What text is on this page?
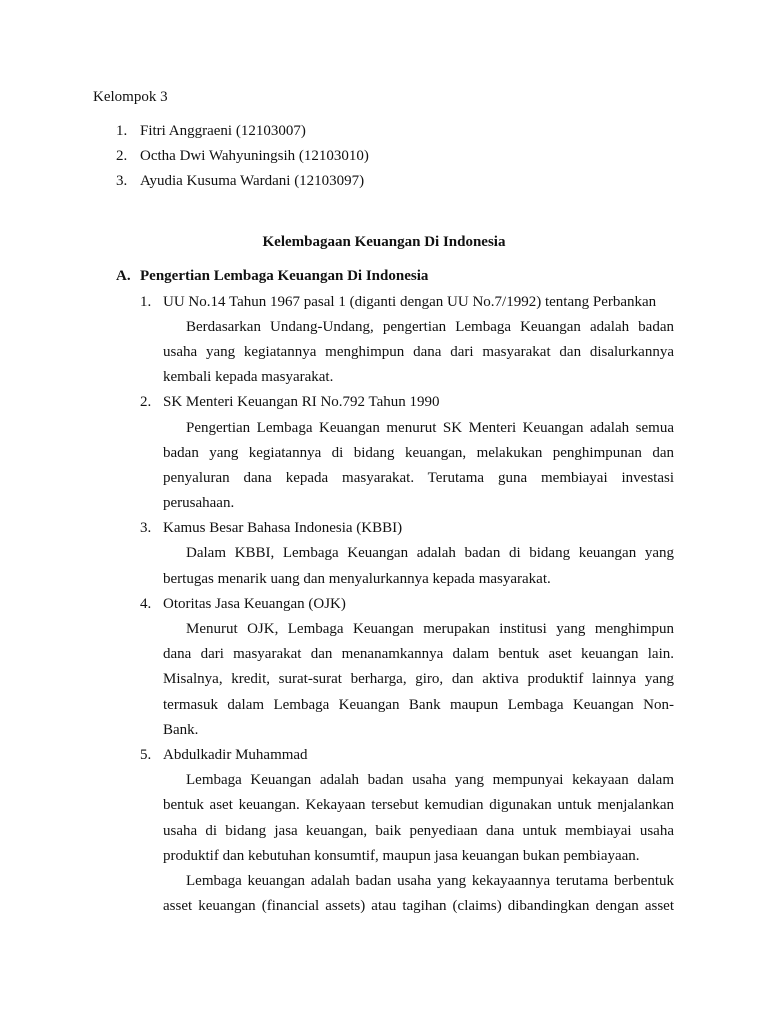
Kelompok 3
1. Fitri Anggraeni (12103007)
2. Octha Dwi Wahyuningsih (12103010)
3. Ayudia Kusuma Wardani (12103097)
Kelembagaan Keuangan Di Indonesia
A. Pengertian Lembaga Keuangan Di Indonesia
1. UU No.14 Tahun 1967 pasal 1 (diganti dengan UU No.7/1992) tentang Perbankan
Berdasarkan Undang-Undang, pengertian Lembaga Keuangan adalah badan
usaha yang kegiatannya menghimpun dana dari masyarakat dan disalurkannya
kembali kepada masyarakat.
2. SK Menteri Keuangan RI No.792 Tahun 1990
Pengertian Lembaga Keuangan menurut SK Menteri Keuangan adalah semua
badan yang kegiatannya di bidang keuangan, melakukan penghimpunan dan
penyaluran dana kepada masyarakat. Terutama guna membiayai investasi
perusahaan.
3. Kamus Besar Bahasa Indonesia (KBBI)
Dalam KBBI, Lembaga Keuangan adalah badan di bidang keuangan yang
bertugas menarik uang dan menyalurkannya kepada masyarakat.
4. Otoritas Jasa Keuangan (OJK)
Menurut OJK, Lembaga Keuangan merupakan institusi yang menghimpun
dana dari masyarakat dan menanamkannya dalam bentuk aset keuangan lain.
Misalnya, kredit, surat-surat berharga, giro, dan aktiva produktif lainnya yang
termasuk dalam Lembaga Keuangan Bank maupun Lembaga Keuangan Non-
Bank.
5. Abdulkadir Muhammad
Lembaga Keuangan adalah badan usaha yang mempunyai kekayaan dalam
bentuk aset keuangan. Kekayaan tersebut kemudian digunakan untuk menjalankan
usaha di bidang jasa keuangan, baik penyediaan dana untuk membiayai usaha
produktif dan kebutuhan konsumtif, maupun jasa keuangan bukan pembiayaan.
Lembaga keuangan adalah badan usaha yang kekayaannya terutama berbentuk
asset keuangan (financial assets) atau tagihan (claims) dibandingkan dengan asset
